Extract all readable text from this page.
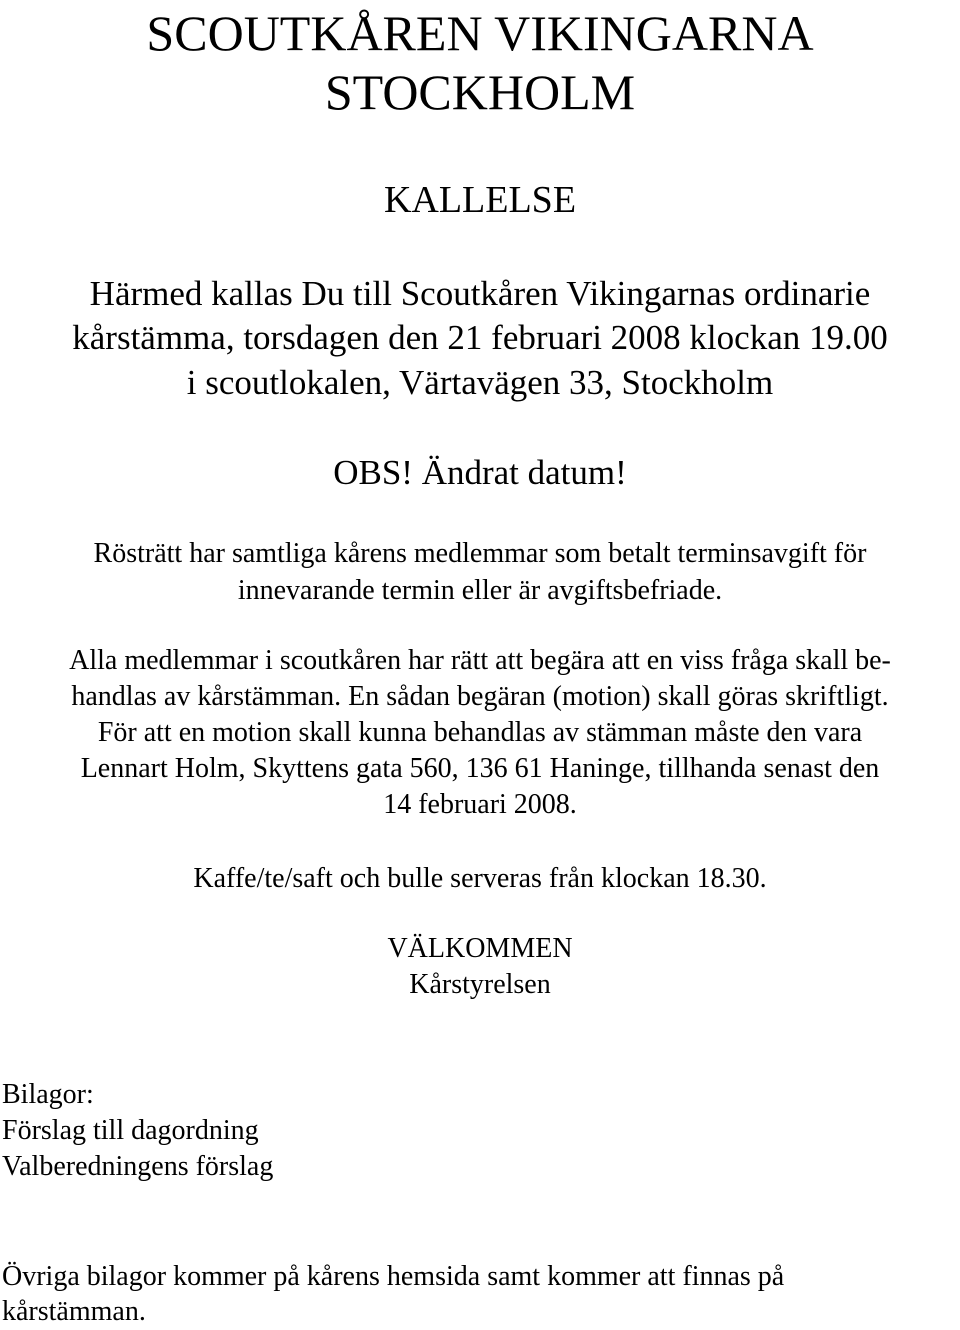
SCOUTKÅREN VIKINGARNA
STOCKHOLM
KALLELSE

Härmed kallas Du till Scoutkåren Vikingarnas ordinarie

kårstämma, torsdagen den 21 februari 2008 klockan 19.00

i scoutlokalen, Värtavägen 33, Stockholm

OBS! Ändrat datum!

Rösträtt har samtliga kårens medlemmar som betalt terminsavgift för

innevarande termin eller är avgiftsbefriade.

Alla medlemmar i scoutkåren har rätt att begära att en viss fråga skall be-

handlas av kårstämman. En sådan begäran (motion) skall göras skriftligt.

För att en motion skall kunna behandlas av stämman måste den vara

Lennart Holm, Skyttens gata 560, 136 61 Haninge, tillhanda senast den

14 februari 2008.

Kaffe/te/saft och bulle serveras från klockan 18.30.

VÄLKOMMEN

Kårstyrelsen

Bilagor:

Förslag till dagordning

Valberedningens förslag

Övriga bilagor kommer på kårens hemsida samt kommer att finnas på

kårstämman.
